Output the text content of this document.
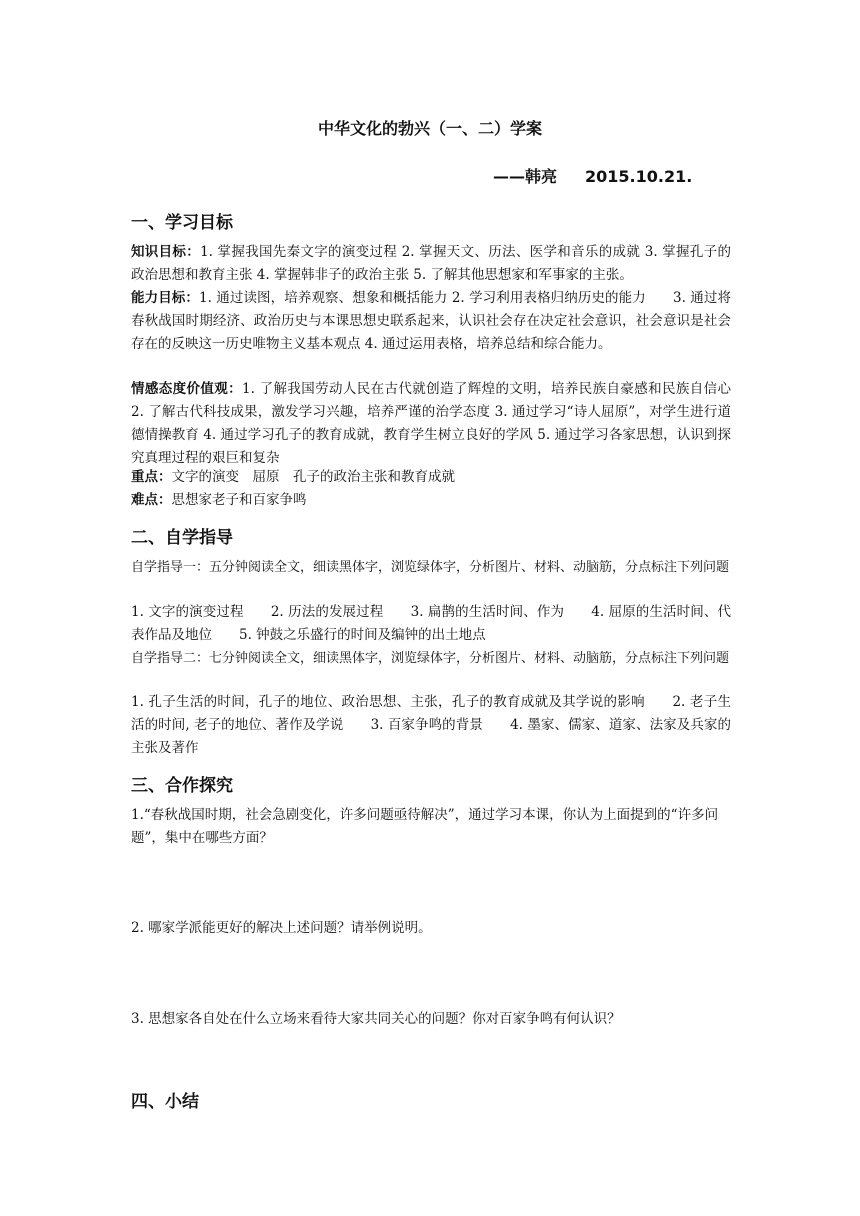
中华文化的勃兴（一、二）学案
——韩亮 2015.10.21.
一、学习目标
知识目标：1. 掌握我国先秦文字的演变过程 2. 掌握天文、历法、医学和音乐的成就 3. 掌握孔子的政治思想和教育主张 4. 掌握韩非子的政治主张 5. 了解其他思想家和军事家的主张。
能力目标：1. 通过读图，培养观察、想象和概括能力 2. 学习利用表格归纳历史的能力　　3. 通过将春秋战国时期经济、政治历史与本课思想史联系起来，认识社会存在决定社会意识，社会意识是社会存在的反映这一历史唯物主义基本观点 4. 通过运用表格，培养总结和综合能力。
情感态度价值观：1. 了解我国劳动人民在古代就创造了辉煌的文明，培养民族自豪感和民族自信心 2. 了解古代科技成果，激发学习兴趣，培养严谨的治学态度 3. 通过学习“诗人屈原”，对学生进行道德情操教育 4. 通过学习孔子的教育成就，教育学生树立良好的学风 5. 通过学习各家思想，认识到探究真理过程的艰巨和复杂
重点：文字的演变　屈原　孔子的政治主张和教育成就
难点：思想家老子和百家争鸣
二、自学指导
自学指导一：五分钟阅读全文，细读黑体字，浏览绿体字，分析图片、材料、动脑筋，分点标注下列问题
1. 文字的演变过程　　2. 历法的发展过程　　3. 扁鹊的生活时间、作为　　4. 屈原的生活时间、代表作品及地位　　5. 钟鼓之乐盛行的时间及编钟的出土地点
自学指导二：七分钟阅读全文，细读黑体字，浏览绿体字，分析图片、材料、动脑筋，分点标注下列问题
1. 孔子生活的时间，孔子的地位、政治思想、主张，孔子的教育成就及其学说的影响　　2. 老子生活的时间, 老子的地位、著作及学说　　3. 百家争鸣的背景　　4. 墨家、儒家、道家、法家及兵家的主张及著作
三、合作探究
1.“春秋战国时期，社会急剧变化，许多问题亟待解决”，通过学习本课，你认为上面提到的“许多问题”，集中在哪些方面？
2. 哪家学派能更好的解决上述问题？请举例说明。
3. 思想家各自处在什么立场来看待大家共同关心的问题？你对百家争鸣有何认识？
四、小结
